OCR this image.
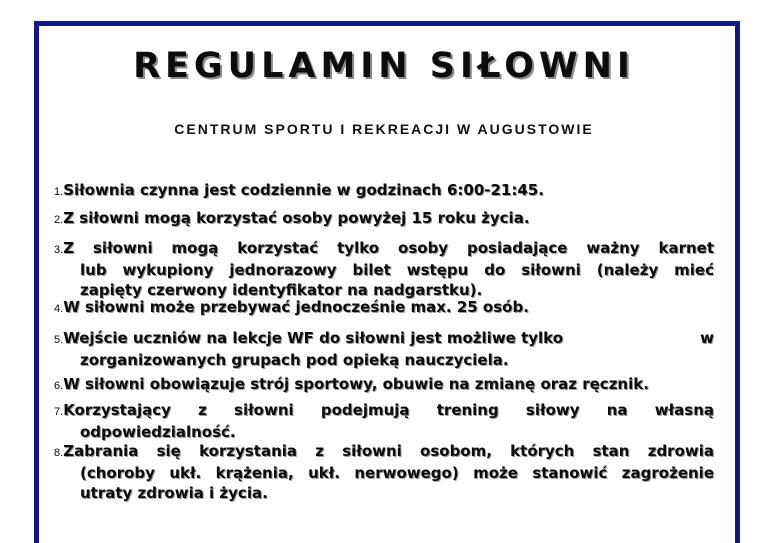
REGULAMIN SIŁOWNI
CENTRUM SPORTU I REKREACJI W AUGUSTOWIE

1.Siłownia czynna jest codziennie w godzinach 6:00-21:45.

2.Z siłowni mogą korzystać osoby powyżej 15 roku życia.

3.Z siłowni mogą korzystać tylko osoby posiadające ważny karnet
lub wykupiony jednorazowy bilet wstępu do siłowni (należy mieć
zapięty czerwony identyfikator na nadgarstku).

4.W siłowni może przebywać jednocześnie max. 25 osób.

5.Wejście uczniów na lekcje WF do siłowni jest możliwe tylko	w
zorganizowanych grupach pod opieką nauczyciela.

6.W siłowni obowiązuje strój sportowy, obuwie na zmianę oraz ręcznik.

7.Korzystający z siłowni podejmują trening siłowy na własną
odpowiedzialność.
8.Zabrania się korzystania z siłowni osobom, których stan zdrowia
(choroby ukł. krążenia, ukł. nerwowego) może stanowić zagrożenie
utraty zdrowia i życia.
